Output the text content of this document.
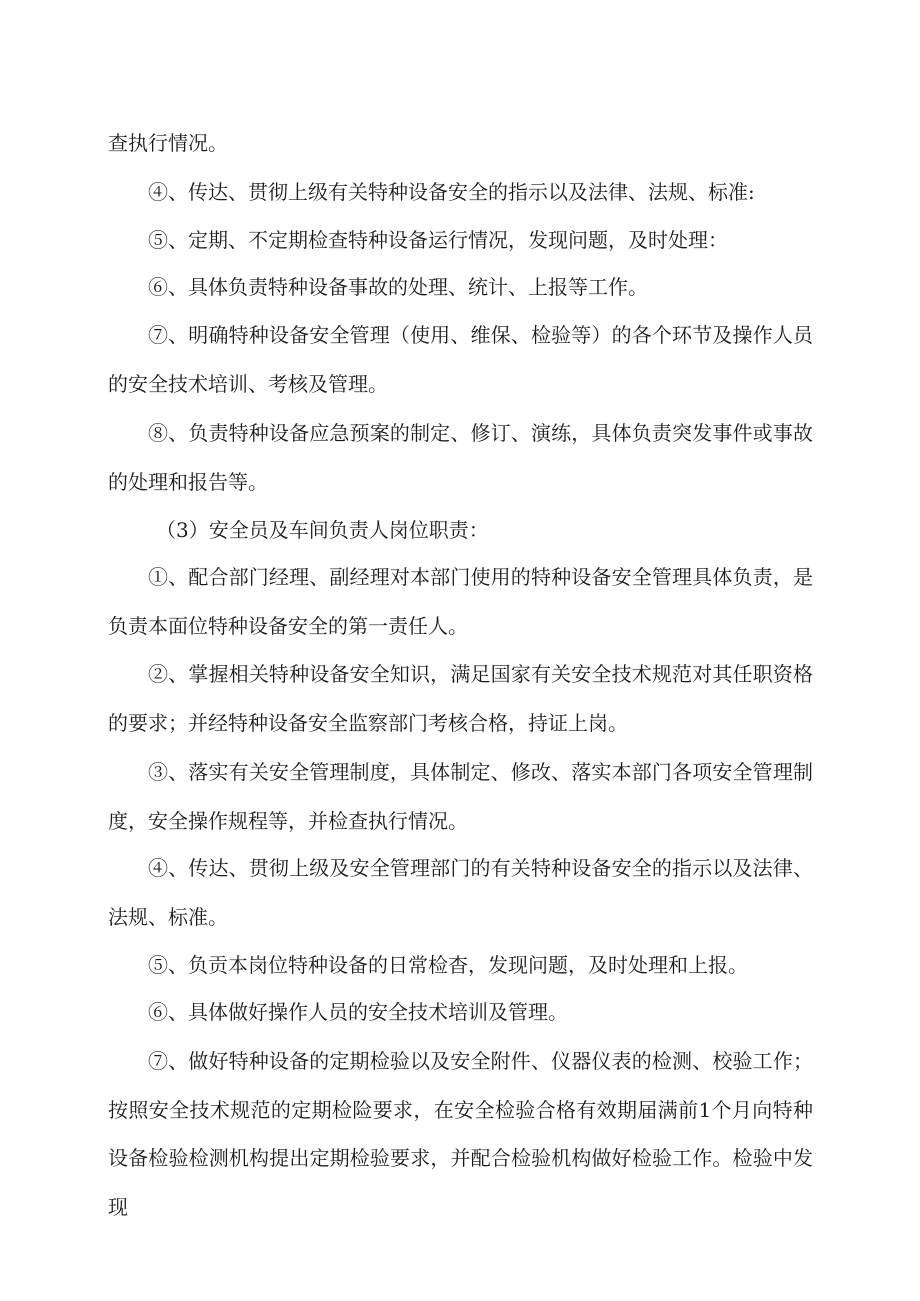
查执行情况。

④、传达、贯彻上级有关特种设备安全的指示以及法律、法规、标准:

⑤、定期、不定期检查特种设备运行情况，发现问题，及时处理：

⑥、具体负责特种设备事故的处理、统计、上报等工作。

⑦、明确特种设备安全管理（使用、维保、检验等）的各个环节及操作人员的安全技术培训、考核及管理。

⑧、负责特种设备应急预案的制定、修订、演练，具体负责突发事件或事故的处理和报告等。

（3）安全员及车间负责人岗位职责：

①、配合部门经理、副经理对本部门使用的特种设备安全管理具体负责，是负责本面位特种设备安全的第一责任人。

②、掌握相关特种设备安全知识，满足国家有关安全技术规范对其任职资格的要求；并经特种设备安全监察部门考核合格，持证上岗。

③、落实有关安全管理制度，具体制定、修改、落实本部门各项安全管理制度，安全操作规程等，并检查执行情况。

④、传达、贯彻上级及安全管理部门的有关特种设备安全的指示以及法律、法规、标准。

⑤、负贡本岗位特种设备的日常检杳，发现问题，及时处理和上报。

⑥、具体做好操作人员的安全技术培训及管理。

⑦、做好特种设备的定期检验以及安全附件、仪器仪表的检测、校验工作；按照安全技术规范的定期检险要求，在安全检验合格有效期届满前1个月向特种设备检验检测机构提出定期检验要求，并配合检验机构做好检验工作。检验中发现
